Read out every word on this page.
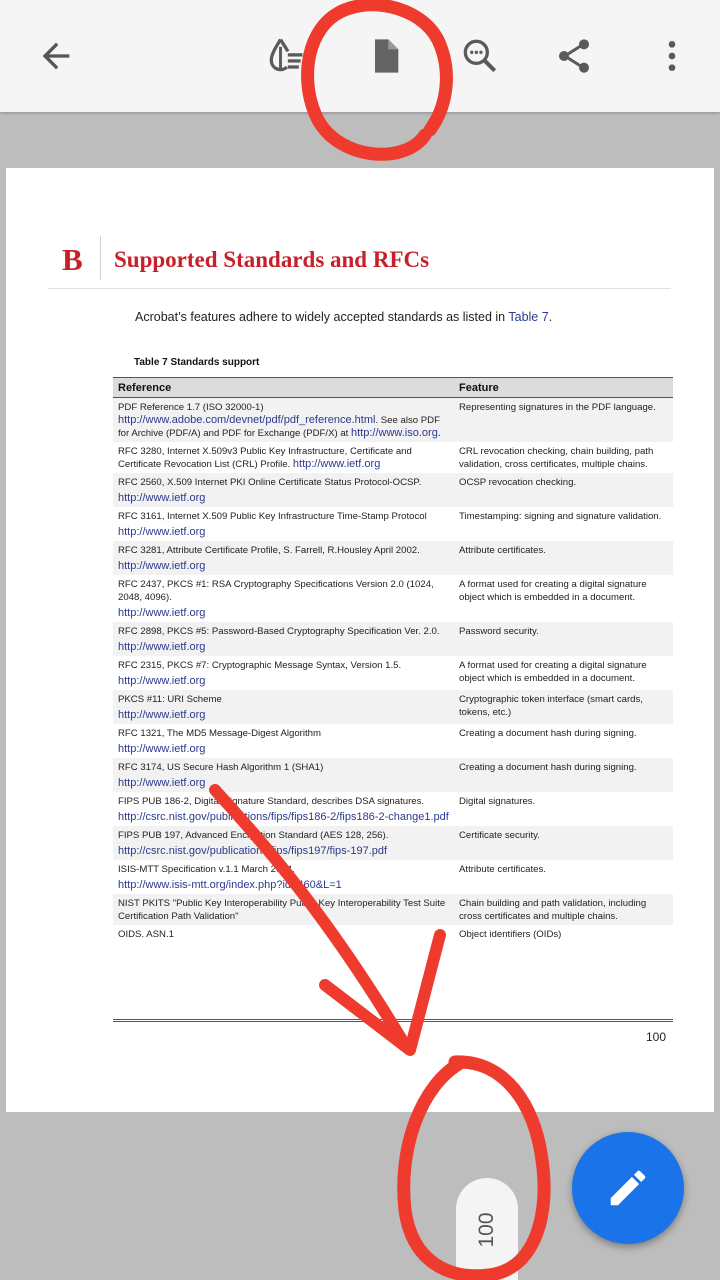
B Supported Standards and RFCs
Acrobat’s features adhere to widely accepted standards as listed in Table 7.
Table 7 Standards support
Reference	Feature
PDF Reference 1.7 (ISO 32000-1) http://www.adobe.com/devnet/pdf/pdf_reference.html. See also PDF for Archive (PDF/A) and PDF for Exchange (PDF/X) at http://www.iso.org.	Representing signatures in the PDF language.
RFC 3280, Internet X.509v3 Public Key Infrastructure, Certificate and Certificate Revocation List (CRL) Profile. http://www.ietf.org	CRL revocation checking, chain building, path validation, cross certificates, multiple chains.
RFC 2560, X.509 Internet PKI Online Certificate Status Protocol-OCSP.
http://www.ietf.org	OCSP revocation checking.
RFC 3161, Internet X.509 Public Key Infrastructure Time-Stamp Protocol
http://www.ietf.org	Timestamping: signing and signature validation.
RFC 3281, Attribute Certificate Profile, S. Farrell, R.Housley April 2002.
http://www.ietf.org	Attribute certificates.
RFC 2437, PKCS #1: RSA Cryptography Specifications Version 2.0 (1024, 2048, 4096).
http://www.ietf.org	A format used for creating a digital signature object which is embedded in a document.
RFC 2898, PKCS #5: Password-Based Cryptography Specification Ver. 2.0.
http://www.ietf.org	Password security.
RFC 2315, PKCS #7: Cryptographic Message Syntax, Version 1.5.
http://www.ietf.org	A format used for creating a digital signature object which is embedded in a document.
PKCS #11: URI Scheme
http://www.ietf.org	Cryptographic token interface (smart cards, tokens, etc.)
RFC 1321, The MD5 Message-Digest Algorithm
http://www.ietf.org	Creating a document hash during signing.
RFC 3174, US Secure Hash Algorithm 1 (SHA1)
http://www.ietf.org	Creating a document hash during signing.
FIPS PUB 186-2, Digital Signature Standard, describes DSA signatures.
http://csrc.nist.gov/publications/fips/fips186-2/fips186-2-change1.pdf	Digital signatures.
FIPS PUB 197, Advanced Encryption Standard (AES 128, 256).
http://csrc.nist.gov/publications/fips/fips197/fips-197.pdf	Certificate security.
ISIS-MTT Specification v.1.1 March 2004.
http://www.isis-mtt.org/index.php?id=460&L=1	Attribute certificates.
NIST PKITS "Public Key Interoperability Public Key Interoperability Test Suite Certification Path Validation"	Chain building and path validation, including cross certificates and multiple chains.
OIDS. ASN.1	Object identifiers (OIDs)
100
100
